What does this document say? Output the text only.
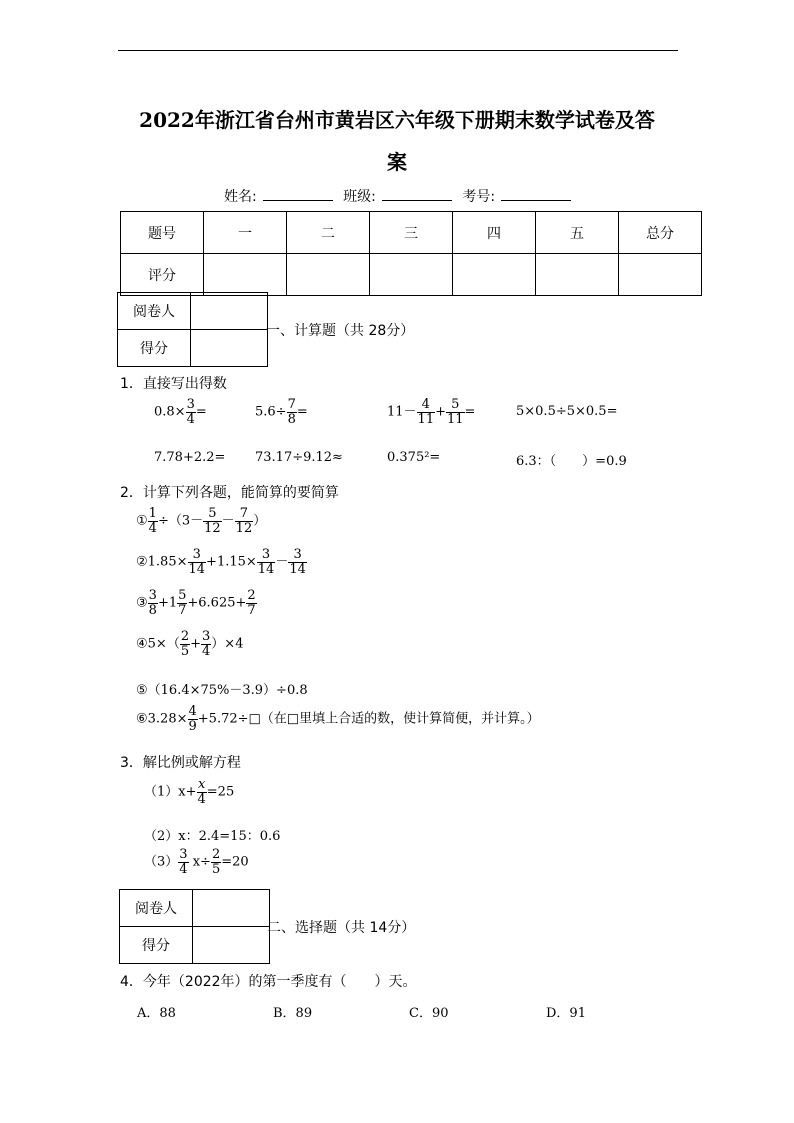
2022年浙江省台州市黄岩区六年级下册期末数学试卷及答
案
姓名:	班级:	考号:
题号	一	二	三	四	五	总分
评分						
阅卷人	
得分	
一、计算题（共 28分）
1．直接写出得数
$0.8\times \frac{3}{4}$ =	$5.6\div \frac{7}{8}$ =	$11- \frac{4}{11} + \frac{5}{11}$ =	5×0.5÷5×0.5=
7.78+2.2= 73.17÷9.12≈	0.375²=	6.3：（　　）=0.9
2．计算下列各题，能简算的要简算
① $\frac{1}{4} \div(3- \frac{5}{12} - \frac{7}{12}$ ）
②1.85× $\frac{3}{14} +1.15\times \frac{3}{14} - \frac{3}{14}$
③ $\frac{3}{8} +1 \frac{5}{7} +6.625+ \frac{2}{7}$
④5×（ $\frac{2}{5} + \frac{3}{4} )\times 4$
⑤（16.4×75%－3.9）÷0.8
⑥3.28× $\frac{4}{9}$ +5.72÷□（在□里填上合适的数，使计算简便，并计算。）
3．解比例或解方程
$(1)x+ \frac{x}{4} =25$
（2）x：2.4=15：0.6
$(3) \frac{3}{4} x\div \frac{2}{5} =20$
阅卷人	
得分	
二、选择题（共 14分）
4．今年（2022年）的第一季度有（　　）天。
A．88	B．89	C．90	D．91
